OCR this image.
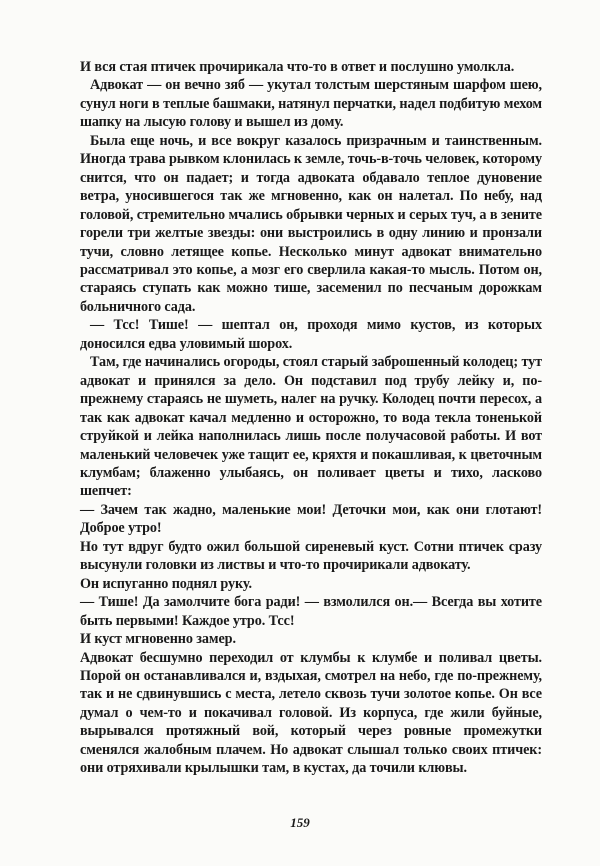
И вся стая птичек прочирикала что-то в ответ и послушно умолкла.

Адвокат — он вечно зяб — укутал толстым шерстяным шарфом шею, сунул ноги в теплые башмаки, натянул перчатки, надел подбитую мехом шапку на лысую голову и вышел из дому.

Была еще ночь, и все вокруг казалось призрачным и таинственным. Иногда трава рывком клонилась к земле, точь-в-точь человек, которому снится, что он падает; и тогда адвоката обдавало теплое дуновение ветра, уносившегося так же мгновенно, как он налетал. По небу, над головой, стремительно мчались обрывки черных и серых туч, а в зените горели три желтые звезды: они выстроились в одну линию и пронзали тучи, словно летящее копье. Несколько минут адвокат внимательно рассматривал это копье, а мозг его сверлила какая-то мысль. Потом он, стараясь ступать как можно тише, засеменил по песчаным дорожкам больничного сада.

— Тсс! Тише! — шептал он, проходя мимо кустов, из которых доносился едва уловимый шорох.

Там, где начинались огороды, стоял старый заброшенный колодец; тут адвокат и принялся за дело. Он подставил под трубу лейку и, по-прежнему стараясь не шуметь, налег на ручку. Колодец почти пересох, а так как адвокат качал медленно и осторожно, то вода текла тоненькой струйкой и лейка наполнилась лишь после получасовой работы. И вот маленький человечек уже тащит ее, кряхтя и покашливая, к цветочным клумбам; блаженно улыбаясь, он поливает цветы и тихо, ласково шепчет:

— Зачем так жадно, маленькие мои! Деточки мои, как они глотают! Доброе утро!

Но тут вдруг будто ожил большой сиреневый куст. Сотни птичек сразу высунули головки из листвы и что-то прочирикали адвокату.

Он испуганно поднял руку.

— Тише! Да замолчите бога ради! — взмолился он.— Всегда вы хотите быть первыми! Каждое утро. Тсс!

И куст мгновенно замер.

Адвокат бесшумно переходил от клумбы к клумбе и поливал цветы. Порой он останавливался и, вздыхая, смотрел на небо, где по-прежнему, так и не сдвинувшись с места, летело сквозь тучи золотое копье. Он все думал о чем-то и покачивал головой. Из корпуса, где жили буйные, вырывался протяжный вой, который через ровные промежутки сменялся жалобным плачем. Но адвокат слышал только своих птичек: они отряхивали крылышки там, в кустах, да точили клювы.

159
